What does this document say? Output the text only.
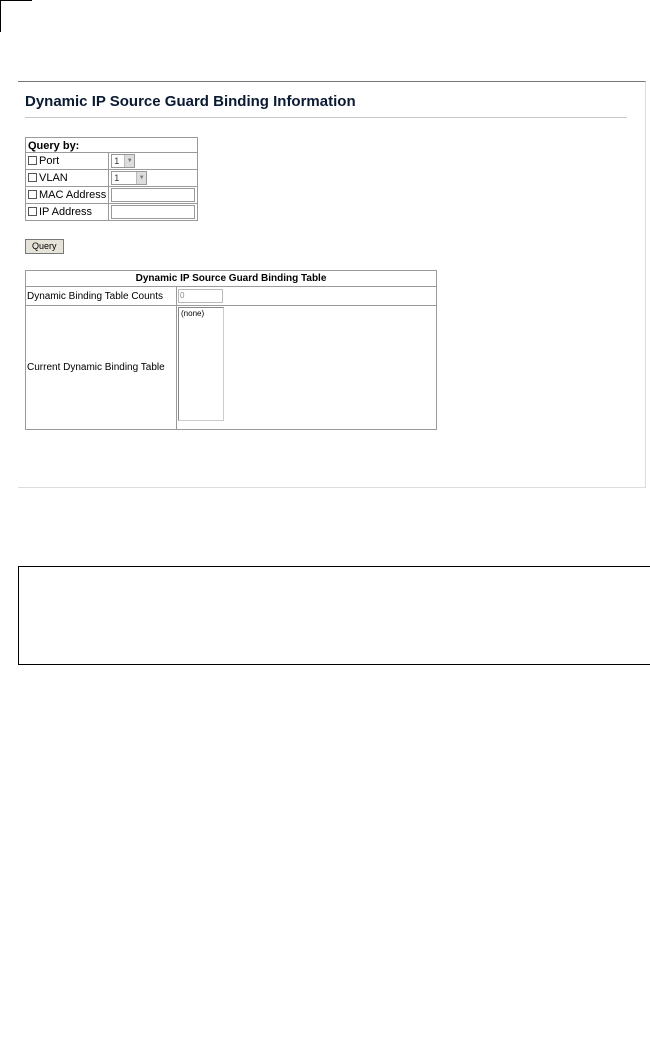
Dynamic IP Source Guard Binding Information
Query by:	
Port	1 ▼

VLAN	1 ▼

MAC Address	
IP Address	
Query
Dynamic IP Source Guard Binding Table	
Dynamic Binding Table Counts	0

Current Dynamic Binding Table	(none)
